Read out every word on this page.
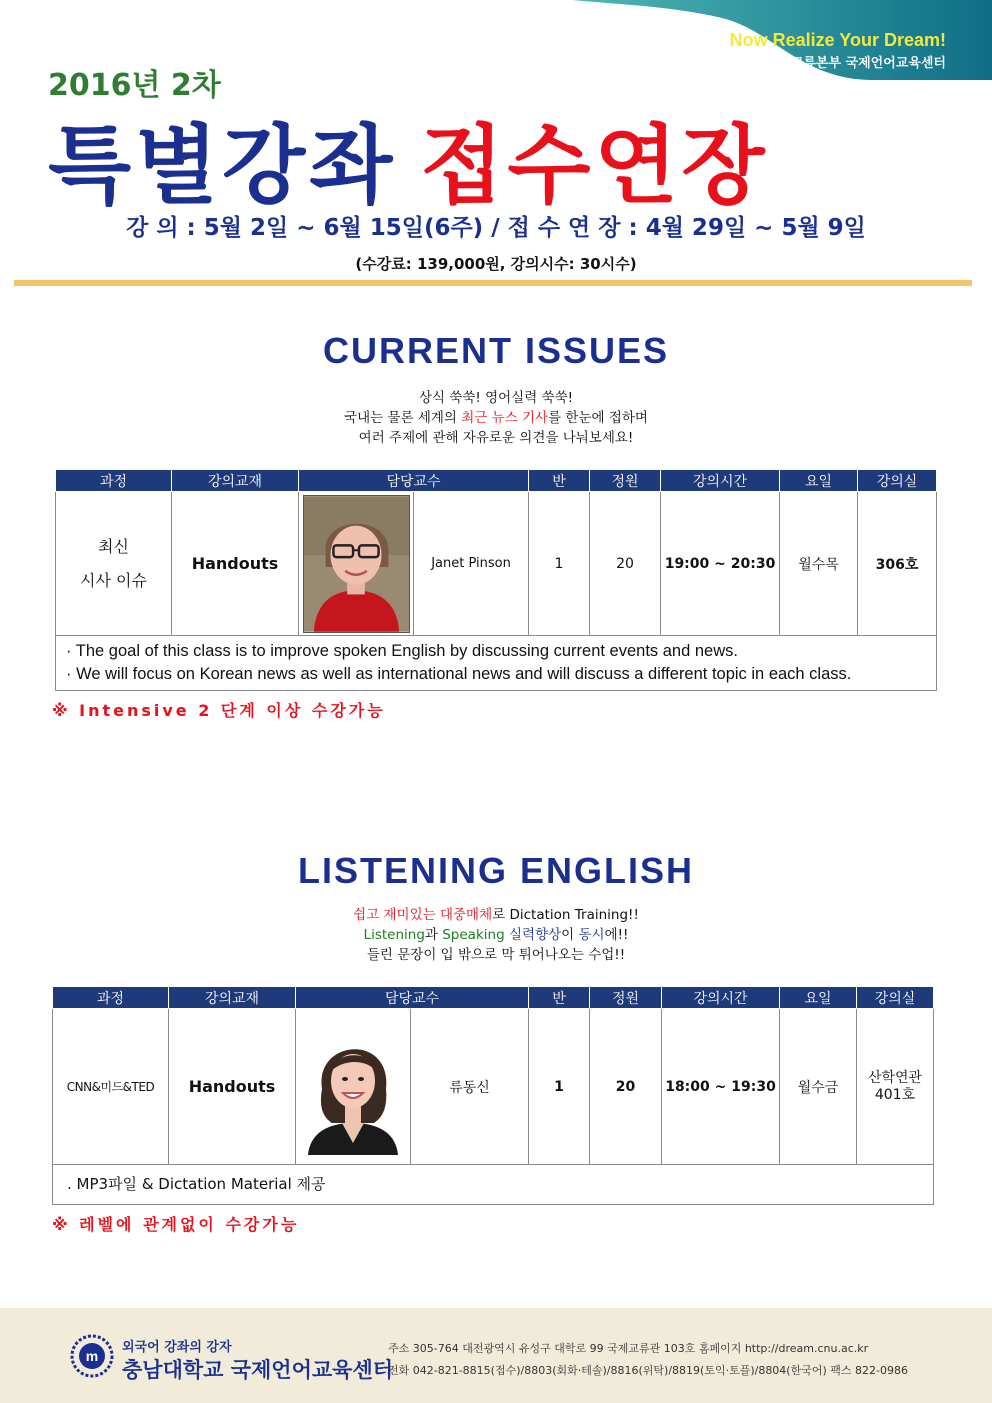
Now Realize Your Dream!
국제교류본부 국제언어교육센터
2016년 2차
특별강좌 접수연장
강 의 : 5월 2일 ~ 6월 15일(6주) / 접 수 연 장 : 4월 29일 ~ 5월 9일
(수강료: 139,000원, 강의시수: 30시수)
CURRENT ISSUES
상식 쑥쑥! 영어실력 쑥쑥!
국내는 물론 세계의 최근 뉴스 기사를 한눈에 접하며
여러 주제에 관해 자유로운 의견을 나눠보세요!
과정	강의교재	담당교수		반	정원	강의시간	요일	강의실

최신
시사 이슈	Handouts		Janet Pinson	1	20	19:00 ~ 20:30	월수목	306호

· The goal of this class is to improve spoken English by discussing current events and news.
· We will focus on Korean news as well as international news and will discuss a different topic in each class.								
※ Intensive 2 단계 이상 수강가능
LISTENING ENGLISH
쉽고 재미있는 대중매체로 Dictation Training!!
Listening과 Speaking 실력향상이 동시에!!
들린 문장이 입 밖으로 막 튀어나오는 수업!!
과정	강의교재	담당교수		반	정원	강의시간	요일	강의실
CNN&미드&TED	Handouts		류동신	1	20	18:00 ~ 19:30	월수금	산학연관
401호

. MP3파일 & Dictation Material 제공								
※ 레벨에 관계없이 수강가능
m
외국어 강좌의 강자
충남대학교 국제언어교육센터
주소 305-764 대전광역시 유성구 대학로 99 국제교류관 103호 홈페이지 http://dream.cnu.ac.kr
전화 042-821-8815(접수)/8803(회화·테솔)/8816(위탁)/8819(토익·토플)/8804(한국어) 팩스 822-0986
